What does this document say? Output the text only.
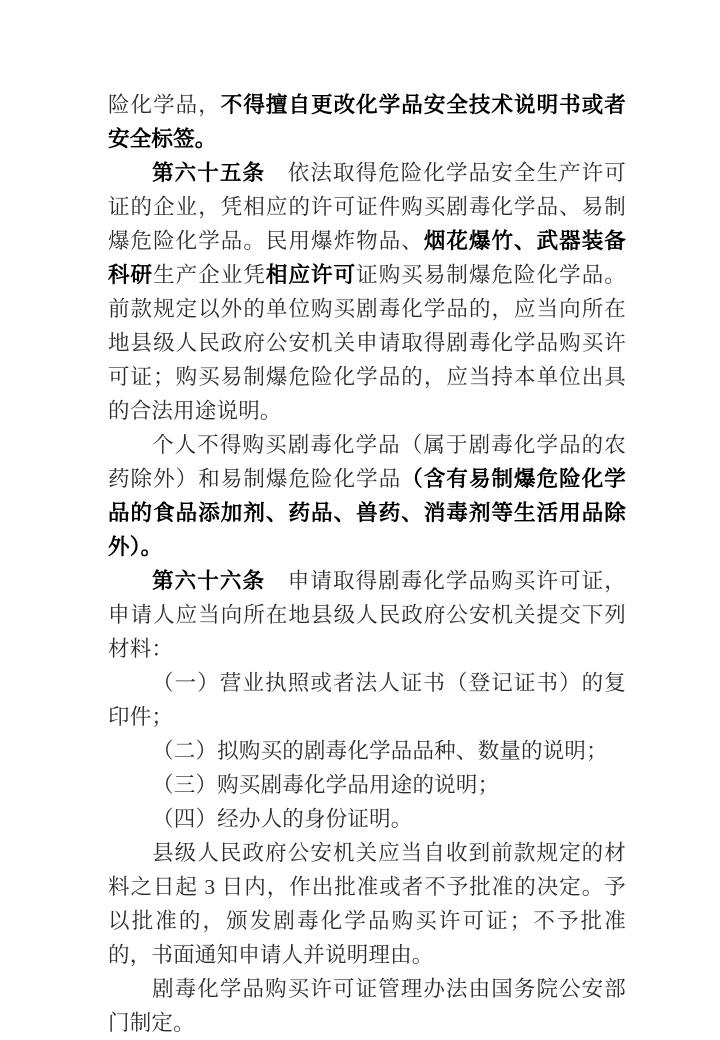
险化学品，不得擅自更改化学品安全技术说明书或者安全标签。

第六十五条　依法取得危险化学品安全生产许可证的企业，凭相应的许可证件购买剧毒化学品、易制爆危险化学品。民用爆炸物品、烟花爆竹、武器装备科研生产企业凭相应许可证购买易制爆危险化学品。前款规定以外的单位购买剧毒化学品的，应当向所在地县级人民政府公安机关申请取得剧毒化学品购买许可证；购买易制爆危险化学品的，应当持本单位出具的合法用途说明。

个人不得购买剧毒化学品（属于剧毒化学品的农药除外）和易制爆危险化学品（含有易制爆危险化学品的食品添加剂、药品、兽药、消毒剂等生活用品除外）。

第六十六条　申请取得剧毒化学品购买许可证，申请人应当向所在地县级人民政府公安机关提交下列材料：

（一）营业执照或者法人证书（登记证书）的复印件；

（二）拟购买的剧毒化学品品种、数量的说明；

（三）购买剧毒化学品用途的说明；

（四）经办人的身份证明。

县级人民政府公安机关应当自收到前款规定的材料之日起 3 日内，作出批准或者不予批准的决定。予以批准的，颁发剧毒化学品购买许可证；不予批准的，书面通知申请人并说明理由。

剧毒化学品购买许可证管理办法由国务院公安部门制定。
